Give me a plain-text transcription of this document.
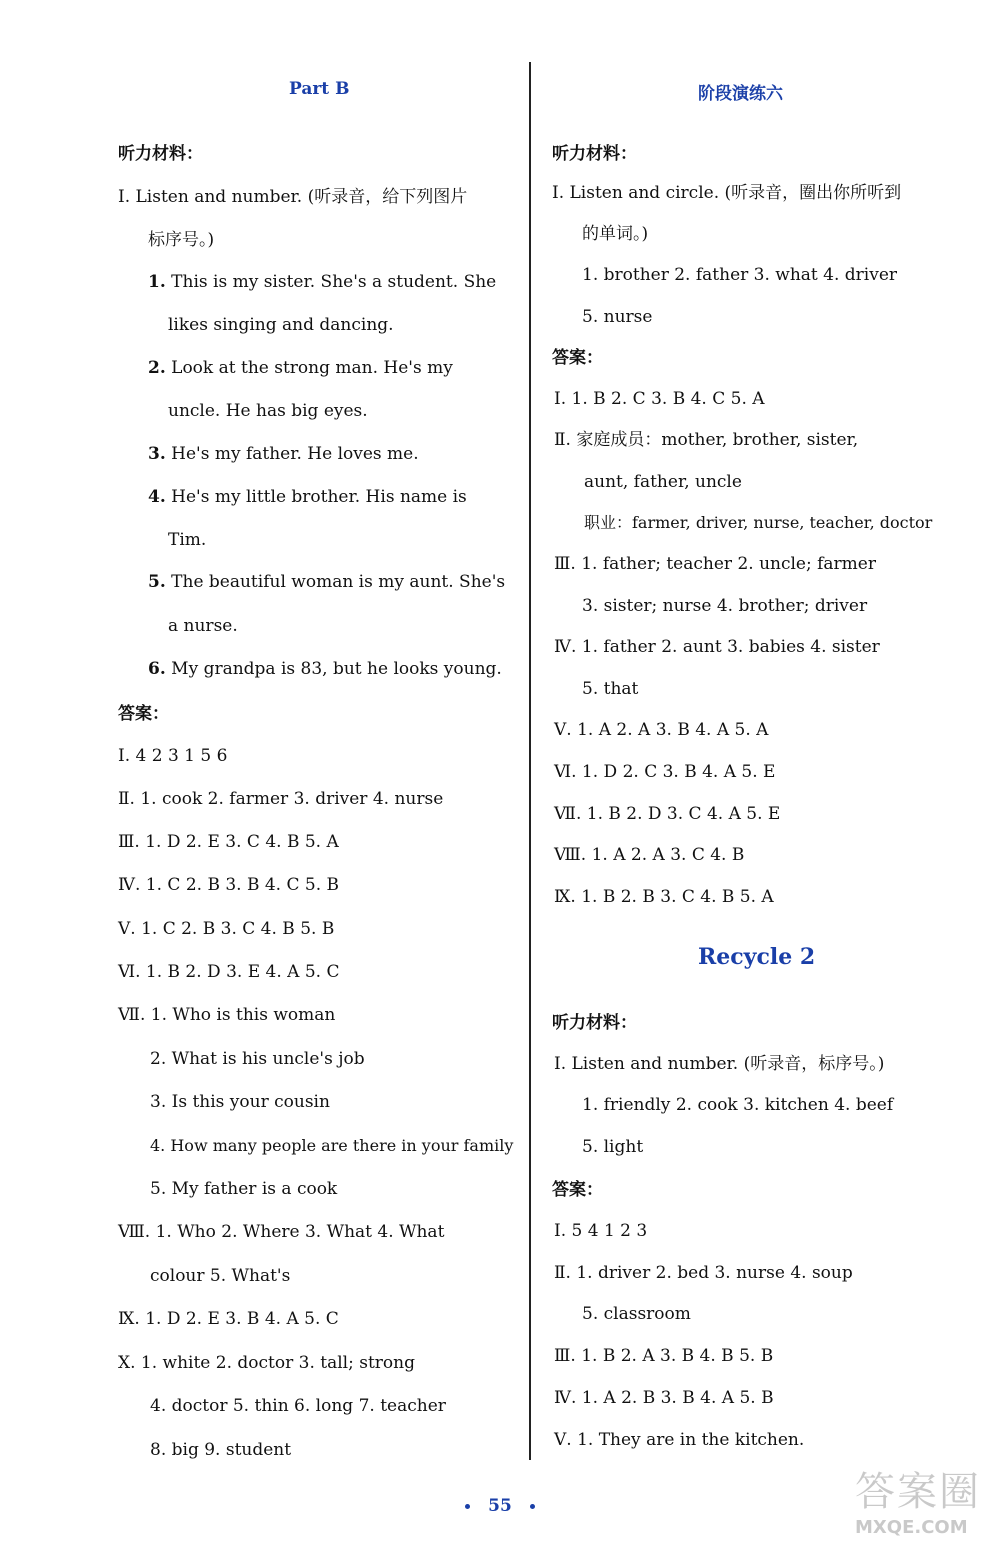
Part B
听力材料：
Ⅰ. Listen and number. (听录音，给下列图片
标序号。)
1. This is my sister. She's a student. She
likes singing and dancing.
2. Look at the strong man. He's my
uncle. He has big eyes.
3. He's my father. He loves me.
4. He's my little brother. His name is
Tim.
5. The beautiful woman is my aunt. She's
a nurse.
6. My grandpa is 83, but he looks young.
答案：
Ⅰ. 4 2 3 1 5 6
Ⅱ. 1. cook 2. farmer 3. driver 4. nurse
Ⅲ. 1. D 2. E 3. C 4. B 5. A
Ⅳ. 1. C 2. B 3. B 4. C 5. B
Ⅴ. 1. C 2. B 3. C 4. B 5. B
Ⅵ. 1. B 2. D 3. E 4. A 5. C
Ⅶ. 1. Who is this woman
2. What is his uncle's job
3. Is this your cousin
4. How many people are there in your family
5. My father is a cook
Ⅷ. 1. Who 2. Where 3. What 4. What
colour 5. What's
Ⅸ. 1. D 2. E 3. B 4. A 5. C
Ⅹ. 1. white 2. doctor 3. tall; strong
4. doctor 5. thin 6. long 7. teacher
8. big 9. student
阶段演练六
听力材料：
Ⅰ. Listen and circle. (听录音，圈出你所听到
的单词。)
1. brother 2. father 3. what 4. driver
5. nurse
答案：
Ⅰ. 1. B 2. C 3. B 4. C 5. A
Ⅱ. 家庭成员：mother, brother, sister,
aunt, father, uncle
职业：farmer, driver, nurse, teacher, doctor
Ⅲ. 1. father; teacher 2. uncle; farmer
3. sister; nurse 4. brother; driver
Ⅳ. 1. father 2. aunt 3. babies 4. sister
5. that
Ⅴ. 1. A 2. A 3. B 4. A 5. A
Ⅵ. 1. D 2. C 3. B 4. A 5. E
Ⅶ. 1. B 2. D 3. C 4. A 5. E
Ⅷ. 1. A 2. A 3. C 4. B
Ⅸ. 1. B 2. B 3. C 4. B 5. A
Recycle 2
听力材料：
Ⅰ. Listen and number. (听录音，标序号。)
1. friendly 2. cook 3. kitchen 4. beef
5. light
答案：
Ⅰ. 5 4 1 2 3
Ⅱ. 1. driver 2. bed 3. nurse 4. soup
5. classroom
Ⅲ. 1. B 2. A 3. B 4. B 5. B
Ⅳ. 1. A 2. B 3. B 4. A 5. B
Ⅴ. 1. They are in the kitchen.
55	答案圈
MXQE.COM
